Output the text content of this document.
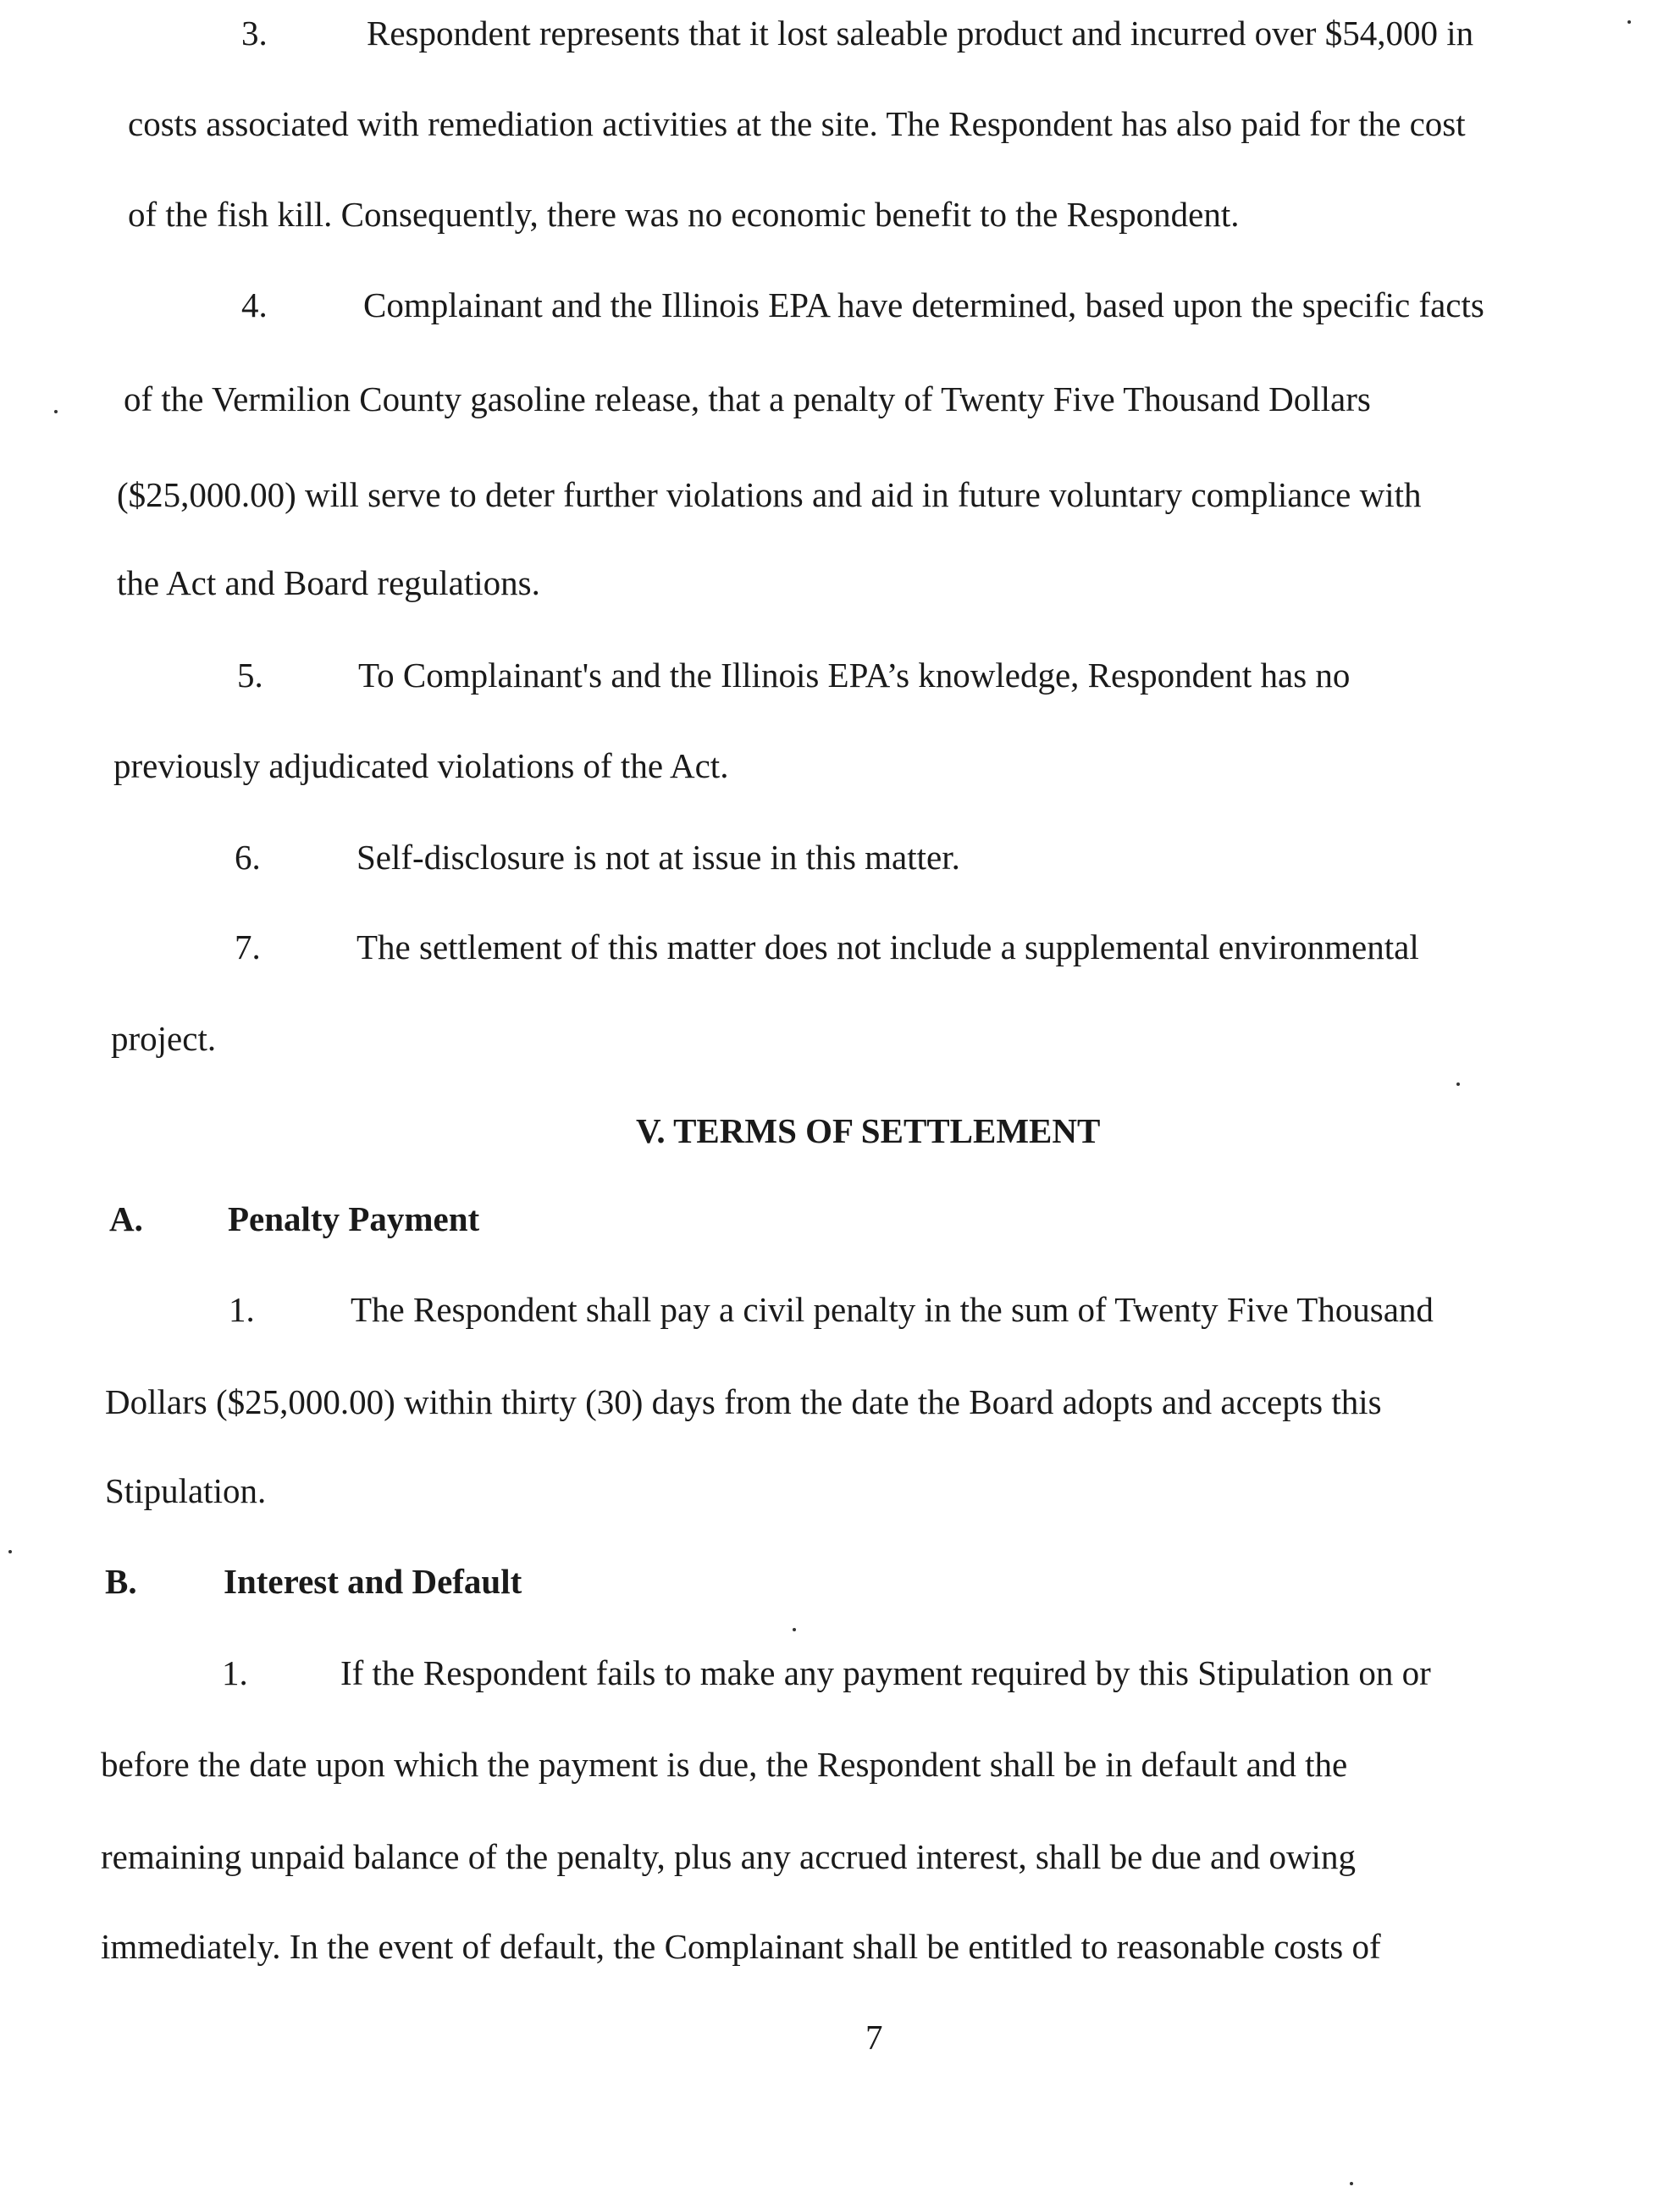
3.	Respondent represents that it lost saleable product and incurred over $54,000 in
costs associated with remediation activities at the site. The Respondent has also paid for the cost
of the fish kill. Consequently, there was no economic benefit to the Respondent.
4.	Complainant and the Illinois EPA have determined, based upon the specific facts
of the Vermilion County gasoline release, that a penalty of Twenty Five Thousand Dollars
($25,000.00) will serve to deter further violations and aid in future voluntary compliance with
the Act and Board regulations.
5.	To Complainant's and the Illinois EPA’s knowledge, Respondent has no
previously adjudicated violations of the Act.
6.	Self-disclosure is not at issue in this matter.
7.	The settlement of this matter does not include a supplemental environmental
project.
V. TERMS OF SETTLEMENT
A. Penalty Payment
1.	The Respondent shall pay a civil penalty in the sum of Twenty Five Thousand
Dollars ($25,000.00) within thirty (30) days from the date the Board adopts and accepts this
Stipulation.
B. Interest and Default
1.	If the Respondent fails to make any payment required by this Stipulation on or
before the date upon which the payment is due, the Respondent shall be in default and the
remaining unpaid balance of the penalty, plus any accrued interest, shall be due and owing
immediately. In the event of default, the Complainant shall be entitled to reasonable costs of
7
